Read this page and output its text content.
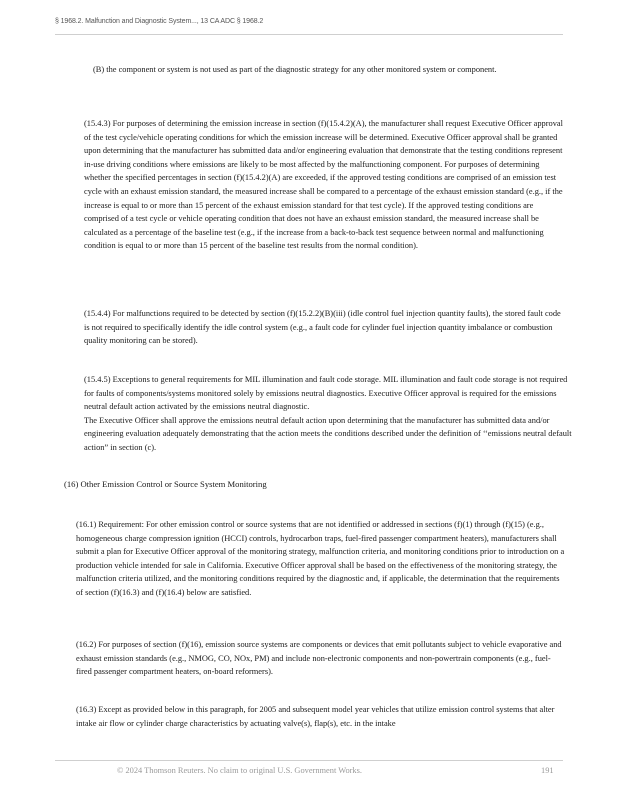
§ 1968.2. Malfunction and Diagnostic System..., 13 CA ADC § 1968.2

(B) the component or system is not used as part of the diagnostic strategy for any other monitored system or component.

(15.4.3) For purposes of determining the emission increase in section (f)(15.4.2)(A), the manufacturer shall request Executive Officer approval of the test cycle/vehicle operating conditions for which the emission increase will be determined. Executive Officer approval shall be granted upon determining that the manufacturer has submitted data and/or engineering evaluation that demonstrate that the testing conditions represent in-use driving conditions where emissions are likely to be most affected by the malfunctioning component. For purposes of determining whether the specified percentages in section (f)(15.4.2)(A) are exceeded, if the approved testing conditions are comprised of an emission test cycle with an exhaust emission standard, the measured increase shall be compared to a percentage of the exhaust emission standard (e.g., if the increase is equal to or more than 15 percent of the exhaust emission standard for that test cycle). If the approved testing conditions are comprised of a test cycle or vehicle operating condition that does not have an exhaust emission standard, the measured increase shall be calculated as a percentage of the baseline test (e.g., if the increase from a back-to-back test sequence between normal and malfunctioning condition is equal to or more than 15 percent of the baseline test results from the normal condition).

(15.4.4) For malfunctions required to be detected by section (f)(15.2.2)(B)(iii) (idle control fuel injection quantity faults), the stored fault code is not required to specifically identify the idle control system (e.g., a fault code for cylinder fuel injection quantity imbalance or combustion quality monitoring can be stored).

(15.4.5) Exceptions to general requirements for MIL illumination and fault code storage. MIL illumination and fault code storage is not required for faults of components/systems monitored solely by emissions neutral diagnostics. Executive Officer approval is required for the emissions neutral default action activated by the emissions neutral diagnostic.

The Executive Officer shall approve the emissions neutral default action upon determining that the manufacturer has submitted data and/or engineering evaluation adequately demonstrating that the action meets the conditions described under the definition of ‘‘emissions neutral default action” in section (c).

(16) Other Emission Control or Source System Monitoring

(16.1) Requirement: For other emission control or source systems that are not identified or addressed in sections (f)(1) through (f)(15) (e.g., homogeneous charge compression ignition (HCCI) controls, hydrocarbon traps, fuel-fired passenger compartment heaters), manufacturers shall submit a plan for Executive Officer approval of the monitoring strategy, malfunction criteria, and monitoring conditions prior to introduction on a production vehicle intended for sale in California. Executive Officer approval shall be based on the effectiveness of the monitoring strategy, the malfunction criteria utilized, and the monitoring conditions required by the diagnostic and, if applicable, the determination that the requirements of section (f)(16.3) and (f)(16.4) below are satisfied.

(16.2) For purposes of section (f)(16), emission source systems are components or devices that emit pollutants subject to vehicle evaporative and exhaust emission standards (e.g., NMOG, CO, NOx, PM) and include non-electronic components and non-powertrain components (e.g., fuel-fired passenger compartment heaters, on-board reformers).

(16.3) Except as provided below in this paragraph, for 2005 and subsequent model year vehicles that utilize emission control systems that alter intake air flow or cylinder charge characteristics by actuating valve(s), flap(s), etc. in the intake

© 2024 Thomson Reuters. No claim to original U.S. Government Works.	191
